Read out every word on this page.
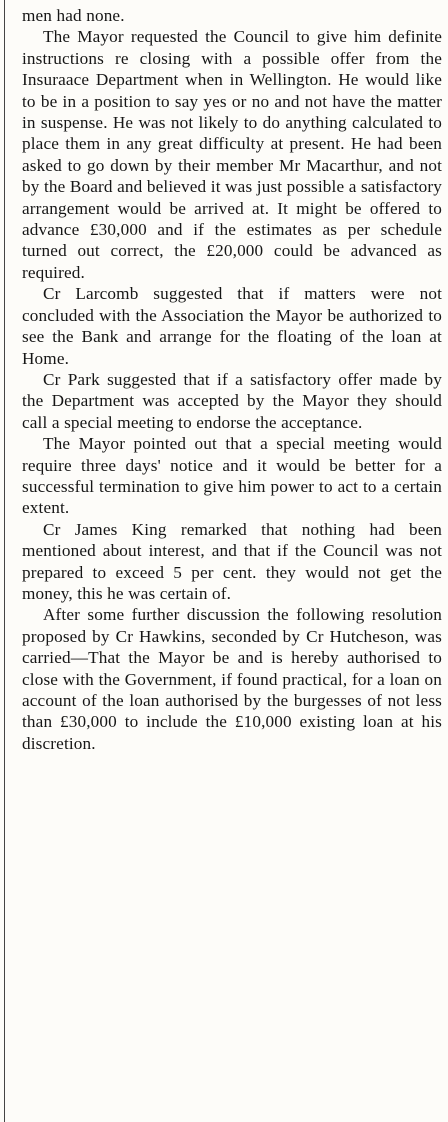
men had none.

The Mayor requested the Council to give him definite instructions re closing with a possible offer from the Insuraace Department when in Wellington. He would like to be in a position to say yes or no and not have the matter in suspense. He was not likely to do anything calculated to place them in any great difficulty at present. He had been asked to go down by their member Mr Macarthur, and not by the Board and believed it was just possible a satisfactory arrangement would be arrived at. It might be offered to advance £30,000 and if the estimates as per schedule turned out correct, the £20,000 could be advanced as required.

Cr Larcomb suggested that if matters were not concluded with the Association the Mayor be authorized to see the Bank and arrange for the floating of the loan at Home.

Cr Park suggested that if a satisfactory offer made by the Department was accepted by the Mayor they should call a special meeting to endorse the acceptance.

The Mayor pointed out that a special meeting would require three days' notice and it would be better for a successful termination to give him power to act to a certain extent.

Cr James King remarked that nothing had been mentioned about interest, and that if the Council was not prepared to exceed 5 per cent. they would not get the money, this he was certain of.

After some further discussion the following resolution proposed by Cr Hawkins, seconded by Cr Hutcheson, was carried—That the Mayor be and is hereby authorised to close with the Government, if found practical, for a loan on account of the loan authorised by the burgesses of not less than £30,000 to include the £10,000 existing loan at his discretion.
